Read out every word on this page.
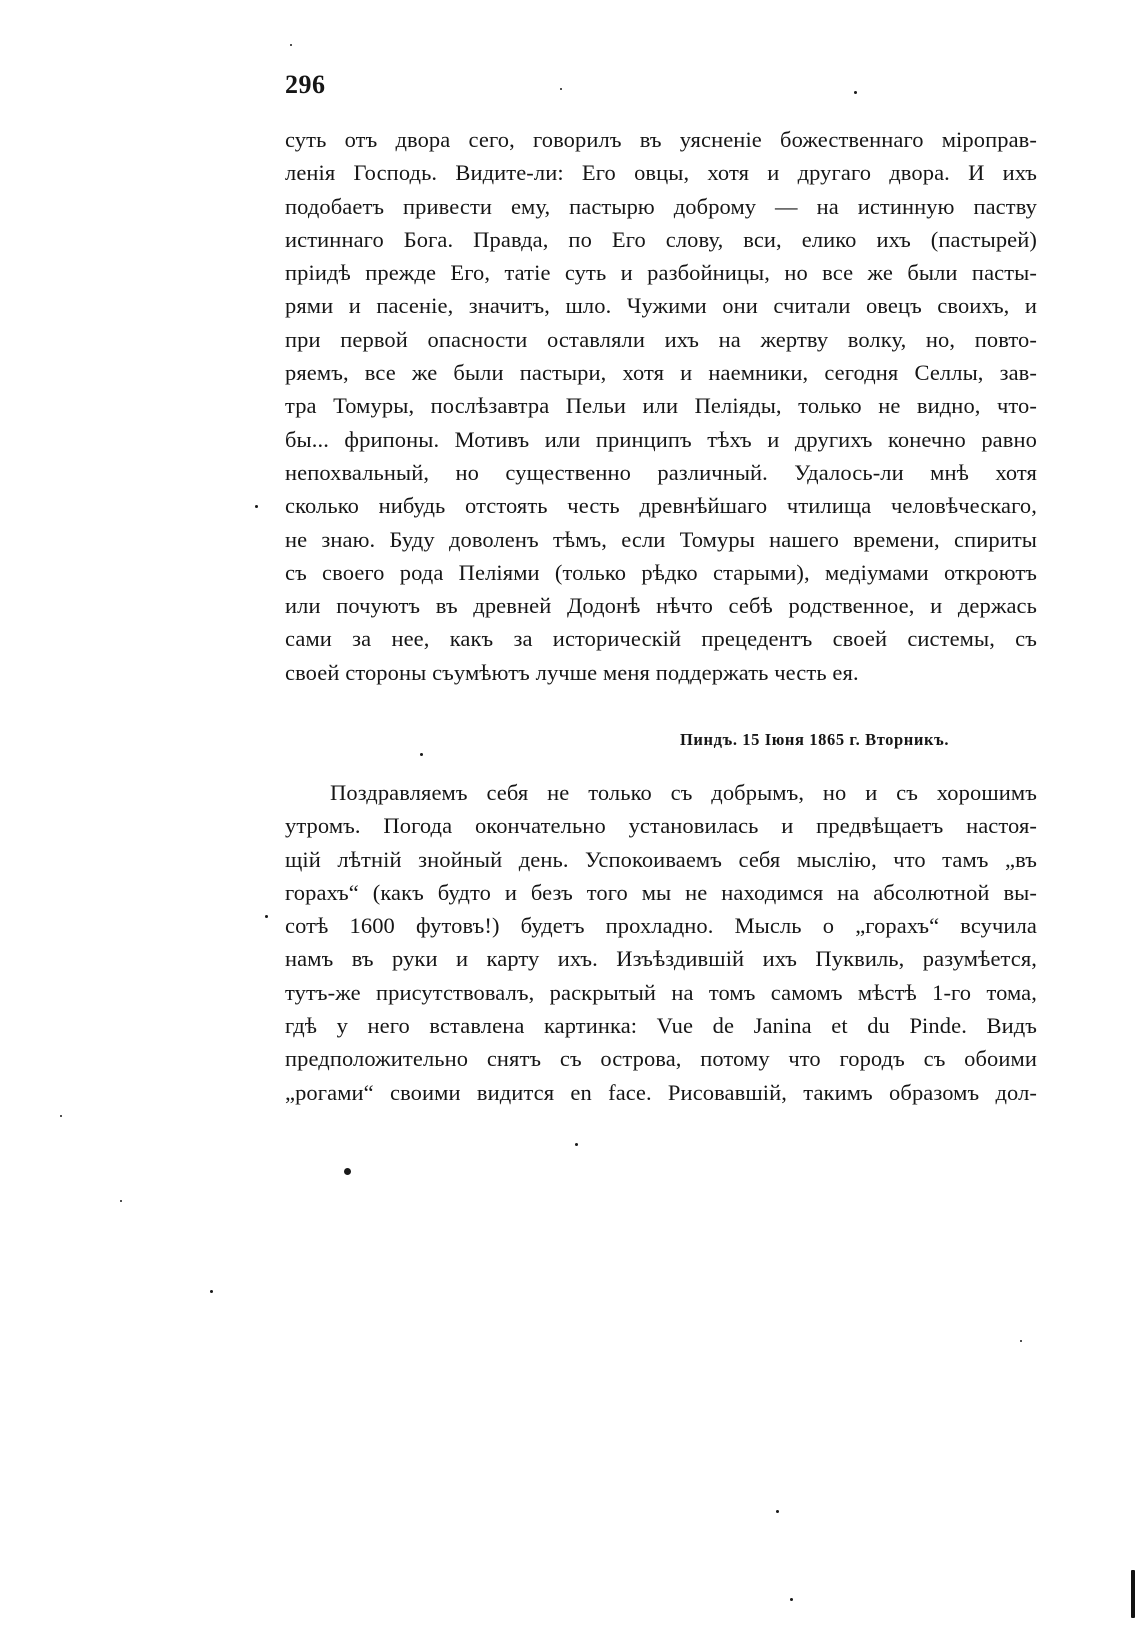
296
суть отъ двора сего, говорилъ въ уясненіе божественнаго міроправ-
ленія Господь. Видите-ли: Его овцы, хотя и другаго двора. И ихъ
подобаетъ привести ему, пастырю доброму — на истинную паству
истиннаго Бога. Правда, по Его слову, вси, елико ихъ (пастырей)
пріидѣ прежде Его, татіе суть и разбойницы, но все же были пасты-
рями и пасеніе, значитъ, шло. Чужими они считали овецъ своихъ, и
при первой опасности оставляли ихъ на жертву волку, но, повто-
ряемъ, все же были пастыри, хотя и наемники, сегодня Селлы, зав-
тра Томуры, послѣзавтра Пельи или Пеліяды, только не видно, что-
бы... фрипоны. Мотивъ или принципъ тѣхъ и другихъ конечно равно
непохвальный, но существенно различный. Удалось-ли мнѣ хотя
сколько нибудь отстоять честь древнѣйшаго чтилища человѣческаго,
не знаю. Буду доволенъ тѣмъ, если Томуры нашего времени, спириты
съ своего рода Пеліями (только рѣдко старыми), медіумами откроютъ
или почуютъ въ древней Додонѣ нѣчто себѣ родственное, и держась
сами за нее, какъ за историческій прецедентъ своей системы, съ
своей стороны съумѣютъ лучше меня поддержать честь ея.
Пиндъ. 15 Іюня 1865 г. Вторникъ.
Поздравляемъ себя не только съ добрымъ, но и съ хорошимъ
утромъ. Погода окончательно установилась и предвѣщаетъ настоя-
щій лѣтній знойный день. Успокоиваемъ себя мыслію, что тамъ „въ
горахъ“ (какъ будто и безъ того мы не находимся на абсолютной вы-
сотѣ 1600 футовъ!) будетъ прохладно. Мысль о „горахъ“ всучила
намъ въ руки и карту ихъ. Изъѣздившій ихъ Пуквиль, разумѣется,
тутъ-же присутствовалъ, раскрытый на томъ самомъ мѣстѣ 1-го тома,
гдѣ у него вставлена картинка: Vue de Janina et du Pinde. Видъ
предположительно снятъ съ острова, потому что городъ съ обоими
„рогами“ своими видится en face. Рисовавшій, такимъ образомъ дол-
